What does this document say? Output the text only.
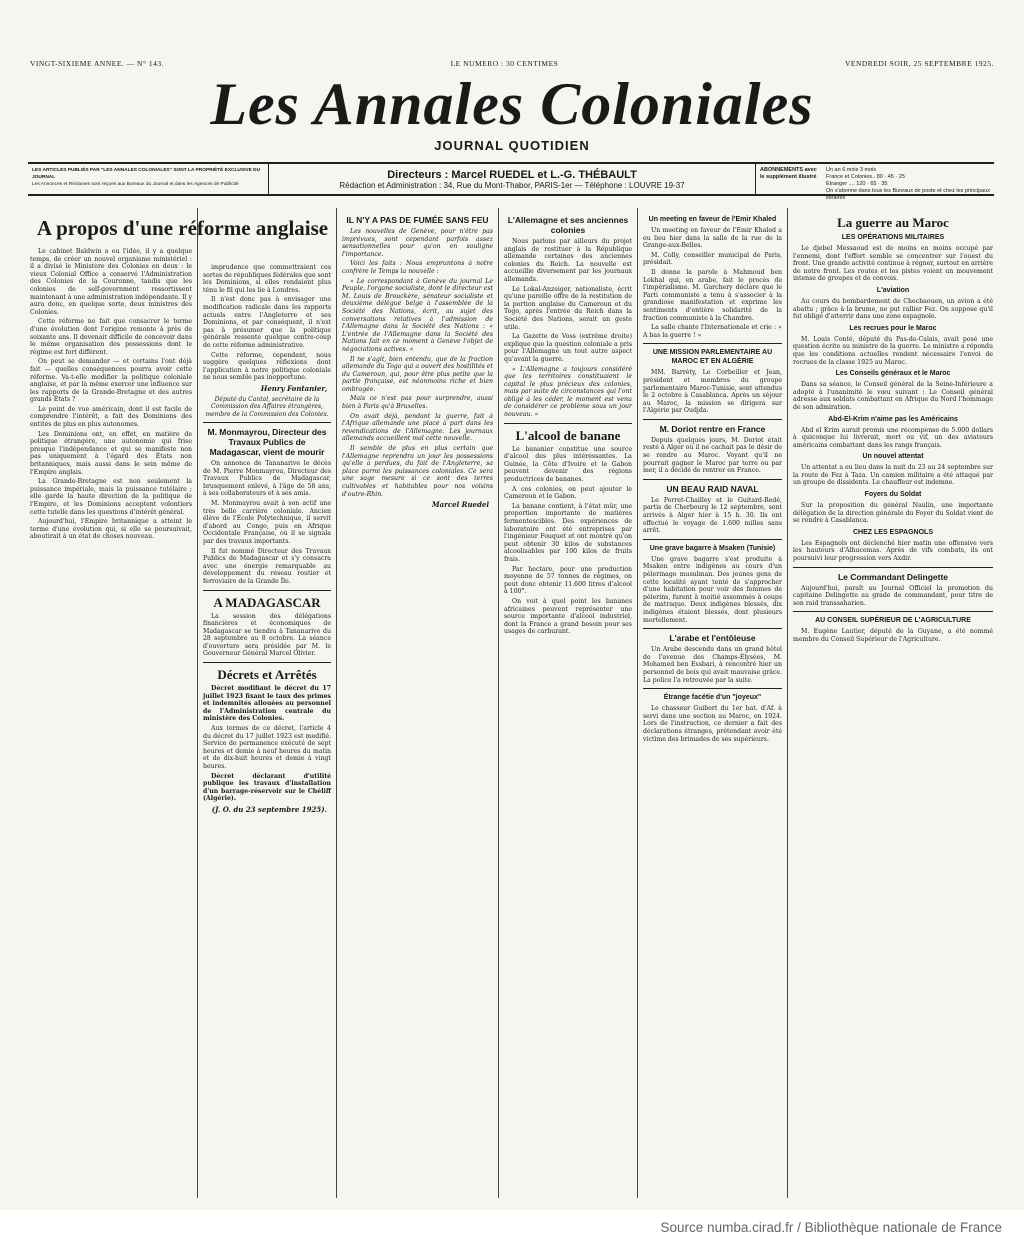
VINGT-SIXIEME ANNEE. — N° 143.	LE NUMERO : 30 CENTIMES	VENDREDI SOIR, 25 SEPTEMBRE 1925.
Les Annales Coloniales
JOURNAL QUOTIDIEN
LES ARTICLES PUBLIÉS PAR "LES ANNALES COLONIALES" SONT LA PROPRIÉTÉ EXCLUSIVE DU JOURNAL
Les Annonces et Réclames sont reçues aux Bureaux du Journal et dans les Agences de Publicité
Directeurs : Marcel RUEDEL et L.-G. THÉBAULT
Rédaction et Administration : 34, Rue du Mont-Thabor, PARIS-1er — Téléphone : LOUVRE 19-37
ABONNEMENTS avec le supplément illustré
Un an 6 mois 3 mois
France et Colonies.. 80 · 45 · 25
Étranger .... 120 · 65 · 35
On s'abonne dans tous les Bureaux de poste et chez les principaux libraires
A propos d'une réforme anglaise

Le cabinet Baldwin a eu l'idée, il y a quelque temps, de créer un nouvel organisme ministériel : il a divisé le Ministère des Colonies en deux : le vieux Colonial Office a conservé l'Administration des Colonies de la Couronne, tandis que les colonies de self-government ressortissent maintenant à une administration indépendante. Il y aura donc, en quelque sorte, deux ministres des Colonies.

Cette réforme ne fait que consacrer le terme d'une évolution dont l'origine remonte à près de soixante ans. Il devenait difficile de concevoir dans le même organisation des possessions dont le régime est fort différent.

On peut se demander — et certains l'ont déjà fait — quelles conséquences pourra avoir cette réforme. Va-t-elle modifier la politique coloniale anglaise, et par là même exercer une influence sur les rapports de la Grande-Bretagne et des autres grands États ?

Le point de vue américain, dont il est facile de comprendre l'intérêt, a fait des Dominions des entités de plus en plus autonomes.

Les Dominions ont, en effet, en matière de politique étrangère, une autonomie qui frise presque l'indépendance et qui se manifeste non pas uniquement à l'égard des États non britanniques, mais aussi dans le sein même de l'Empire anglais.

La Grande-Bretagne est non seulement la puissance impériale, mais la puissance tutélaire ; elle garde la haute direction de la politique de l'Empire, et les Dominions acceptent volontiers cette tutelle dans les questions d'intérêt général.

Aujourd'hui, l'Empire britannique a atteint le terme d'une évolution qui, si elle se poursuivait, aboutirait à un état de choses nouveau.

imprudence que commettraient ces sortes de républiques fédérales que sont les Dominions, si elles rendaient plus ténu le fil qui les lie à Londres.

Il n'est donc pas à envisager une modification radicale dans les rapports actuels entre l'Angleterre et ses Dominions, et par conséquent, il n'est pas à présumer que la politique générale ressente quelque contre-coup de cette réforme administrative.

Cette réforme, cependant, nous suggère quelques réflexions dont l'application à notre politique coloniale ne nous semble pas inopportune.

Henry Fontanier,
Député du Cantal, secrétaire de la Commission des Affaires étrangères, membre de la Commission des Colonies.
M. Monmayrou, Directeur des Travaux Publics de Madagascar, vient de mourir

On annonce de Tananarive le décès de M. Pierre Monmayrou, Directeur des Travaux Publics de Madagascar, brusquement enlevé, à l'âge de 58 ans, à ses collaborateurs et à ses amis.

M. Monmayrou avait à son actif une très belle carrière coloniale. Ancien élève de l'École Polytechnique, il servit d'abord au Congo, puis en Afrique Occidentale Française, où il se signala par des travaux importants.

Il fut nommé Directeur des Travaux Publics de Madagascar et s'y consacra avec une énergie remarquable au développement du réseau routier et ferroviaire de la Grande Île.

A MADAGASCAR

La session des délégations financières et économiques de Madagascar se tiendra à Tananarive du 28 septembre au 8 octobre. La séance d'ouverture sera présidée par M. le Gouverneur Général Marcel Olivier.

Décrets et Arrêtés

Décret modifiant le décret du 17 juillet 1923 fixant le taux des primes et indemnités allouées au personnel de l'Administration centrale du ministère des Colonies.

Aux termes de ce décret, l'article 4 du décret du 17 juillet 1923 est modifié. Service de permanence exécuté de sept heures et demie à neuf heures du matin et de dix-huit heures et demie à vingt heures.

Décret déclarant d'utilité publique les travaux d'installation d'un barrage-réservoir sur le Chéliff (Algérie).

(J. O. du 23 septembre 1925).
IL N'Y A PAS DE FUMÉE SANS FEU

Les nouvelles de Genève, pour n'être pas imprévues, sont cependant parfois assez sensationnelles pour qu'on en souligne l'importance.

Voici les faits : Nous empruntons à notre confrère le Temps la nouvelle :

« Le correspondant à Genève du journal Le Peuple, l'organe socialiste, dont le directeur est M. Louis de Brouckère, sénateur socialiste et deuxième délégué belge à l'assemblée de la Société des Nations, écrit, au sujet des conversations relatives à l'admission de l'Allemagne dans la Société des Nations : « L'entrée de l'Allemagne dans la Société des Nations fait en ce moment à Genève l'objet de négociations actives. »

Il ne s'agit, bien entendu, que de la fraction allemande du Togo qui a ouvert des hostilités et du Cameroun, qui, pour être plus petite que la partie française, est néanmoins riche et bien ombragée.

Mais ce n'est pas pour surprendre, aussi bien à Paris qu'à Bruxelles.

On avait déjà, pendant la guerre, fait à l'Afrique allemande une place à part dans les revendications de l'Allemagne. Les journaux allemands accueillent mal cette nouvelle.

Il semble de plus en plus certain que l'Allemagne reprendra un jour les possessions qu'elle a perdues, du fait de l'Angleterre, sa place parmi les puissances coloniales. Ce sera une sage mesure si ce sont des terres cultivables et habitables pour nos voisins d'outre-Rhin.

Marcel Ruedel
L'Allemagne et ses anciennes colonies

Nous parlons par ailleurs du projet anglais de restituer à la République allemande certaines des anciennes colonies du Reich. La nouvelle est accueillie diversement par les journaux allemands.

Le Lokal-Anzeiger, nationaliste, écrit qu'une pareille offre de la restitution de la portion anglaise du Cameroun et du Togo, après l'entrée du Reich dans la Société des Nations, serait un geste utile.

La Gazette de Voss (extrême droite) explique que la question coloniale a pris pour l'Allemagne un tout autre aspect qu'avant la guerre.

« L'Allemagne a toujours considéré que les territoires constituaient le capital le plus précieux des colonies, mais par suite de circonstances qui l'ont obligé à les céder, le moment est venu de considérer ce problème sous un jour nouveau. »

L'alcool de banane

Le bananier constitue une source d'alcool des plus intéressantes. La Guinée, la Côte d'Ivoire et le Gabon peuvent devenir des régions productrices de bananes.

A ces colonies, on peut ajouter le Cameroun et le Gabon.

La banane contient, à l'état mûr, une proportion importante de matières fermentescibles. Des expériences de laboratoire ont été entreprises par l'ingénieur Fouquet et ont montré qu'on peut obtenir 30 kilos de substances alcoolisables par 100 kilos de fruits frais.

Par hectare, pour une production moyenne de 57 tonnes de régimes, on peut donc obtenir 11.600 litres d'alcool à 100°.

On voit à quel point les bananes africaines peuvent représenter une source importante d'alcool industriel, dont la France a grand besoin pour ses usages de carburant.

Un meeting en faveur de l'Emir Khaled

Un meeting en faveur de l'Emir Khaled a eu lieu hier dans la salle de la rue de la Grange-aux-Belles.

M. Colly, conseiller municipal de Paris, présidait.

Il donne la parole à Mahmoud ben Lekhal qui, en arabe, fait le procès de l'impérialisme. M. Garchery déclare que le Parti communiste a tenu à s'associer à la grandiose manifestation et exprime les sentiments d'entière solidarité de la fraction communiste à la Chambre.

La salle chante l'Internationale et crie : « A bas la guerre ! »

UNE MISSION PARLEMENTAIRE AU MAROC ET EN ALGÉRIE

MM. Barrèty, Le Corbeiller et Jean, président et membres du groupe parlementaire Maroc-Tunisie, sont attendus le 2 octobre à Casablanca. Après un séjour au Maroc, la mission se dirigera sur l'Algérie par Oudjda.

M. Doriot rentre en France

Depuis quelques jours, M. Doriot était resté à Alger où il ne cachait pas le désir de se rendre au Maroc. Voyant qu'il ne pourrait gagner le Maroc par terre ou par mer, il a décidé de rentrer en France.

UN BEAU RAID NAVAL

Le Perret-Chailley et le Guitard-Redé, partis de Cherbourg le 12 septembre, sont arrivés à Alger hier à 15 h. 30. Ils ont effectué le voyage de 1.600 milles sans arrêt.

Une grave bagarre à Msaken (Tunisie)

Une grave bagarre s'est produite à Msaken entre indigènes au cours d'un pèlerinage musulman. Des jeunes gens de cette localité ayant tenté de s'approcher d'une habitation pour voir des femmes de pèlerins, furent à moitié assommés à coups de matraque. Deux indigènes blessés, dix indigènes étaient blessés, dont plusieurs mortellement.

L'arabe et l'entôleuse

Un Arabe descendu dans un grand hôtel de l'avenue des Champs-Élysées, M. Mohamed ben Essbari, à rencontré hier un personnel de bois qui avait mauvaise grâce. La police l'a retrouvée par la suite.

Étrange facétie d'un "joyeux"

Le chasseur Guibert du 1er bat. d'Af. à servi dans une section au Maroc, en 1924. Lors de l'instruction, ce dernier a fait des déclarations étranges, prétendant avoir été victime des brimades de ses supérieurs.

La guerre au Maroc
LES OPÉRATIONS MILITAIRES

Le djebel Messaoud est de moins en moins occupé par l'ennemi, dont l'effort semble se concentrer sur l'ouest du front. Une grande activité continue à régner, surtout en arrière de notre front. Les routes et les pistes voient un mouvement intense de groupes et de convois.

L'aviation

Au cours du bombardement de Chechaouen, un avion a été abattu ; grâce à la brume, ne put rallier Fez. On suppose qu'il fut obligé d'atterrir dans une zone espagnole.

Les recrues pour le Maroc

M. Louis Conté, député du Pas-de-Calais, avait posé une question écrite au ministre de la guerre. Le ministre a répondu que les conditions actuelles rendent nécessaire l'envoi de recrues de la classe 1925 au Maroc.

Les Conseils généraux et le Maroc

Dans sa séance, le Conseil général de la Seine-Inférieure a adopté à l'unanimité le vœu suivant : Le Conseil général adresse aux soldats combattant en Afrique du Nord l'hommage de son admiration.

Abd-El-Krim n'aime pas les Américains

Abd el Krim aurait promis une récompense de 5.000 dollars à quiconque lui livrerait, mort ou vif, un des aviateurs américains combattant dans les rangs français.

Un nouvel attentat

Un attentat a eu lieu dans la nuit du 23 au 24 septembre sur la route de Fez à Taza. Un camion militaire a été attaqué par un groupe de dissidents. Le chauffeur est indemne.

Foyers du Soldat

Sur la proposition du général Naulin, une importante délégation de la direction générale du Foyer du Soldat vient de se rendre à Casablanca.

CHEZ LES ESPAGNOLS

Les Espagnols ont déclenché hier matin une offensive vers les hauteurs d'Alhucemas. Après de vifs combats, ils ont poursuivi leur progression vers Axdir.

Le Commandant Delingette

Aujourd'hui, paraît au Journal Officiel la promotion du capitaine Delingette au grade de commandant, pour titre de son raid transsaharien.

AU CONSEIL SUPÉRIEUR DE L'AGRICULTURE

M. Eugène Lautier, député de la Guyane, a été nommé membre du Conseil Supérieur de l'Agriculture.

Source numba.cirad.fr / Bibliothèque nationale de France
